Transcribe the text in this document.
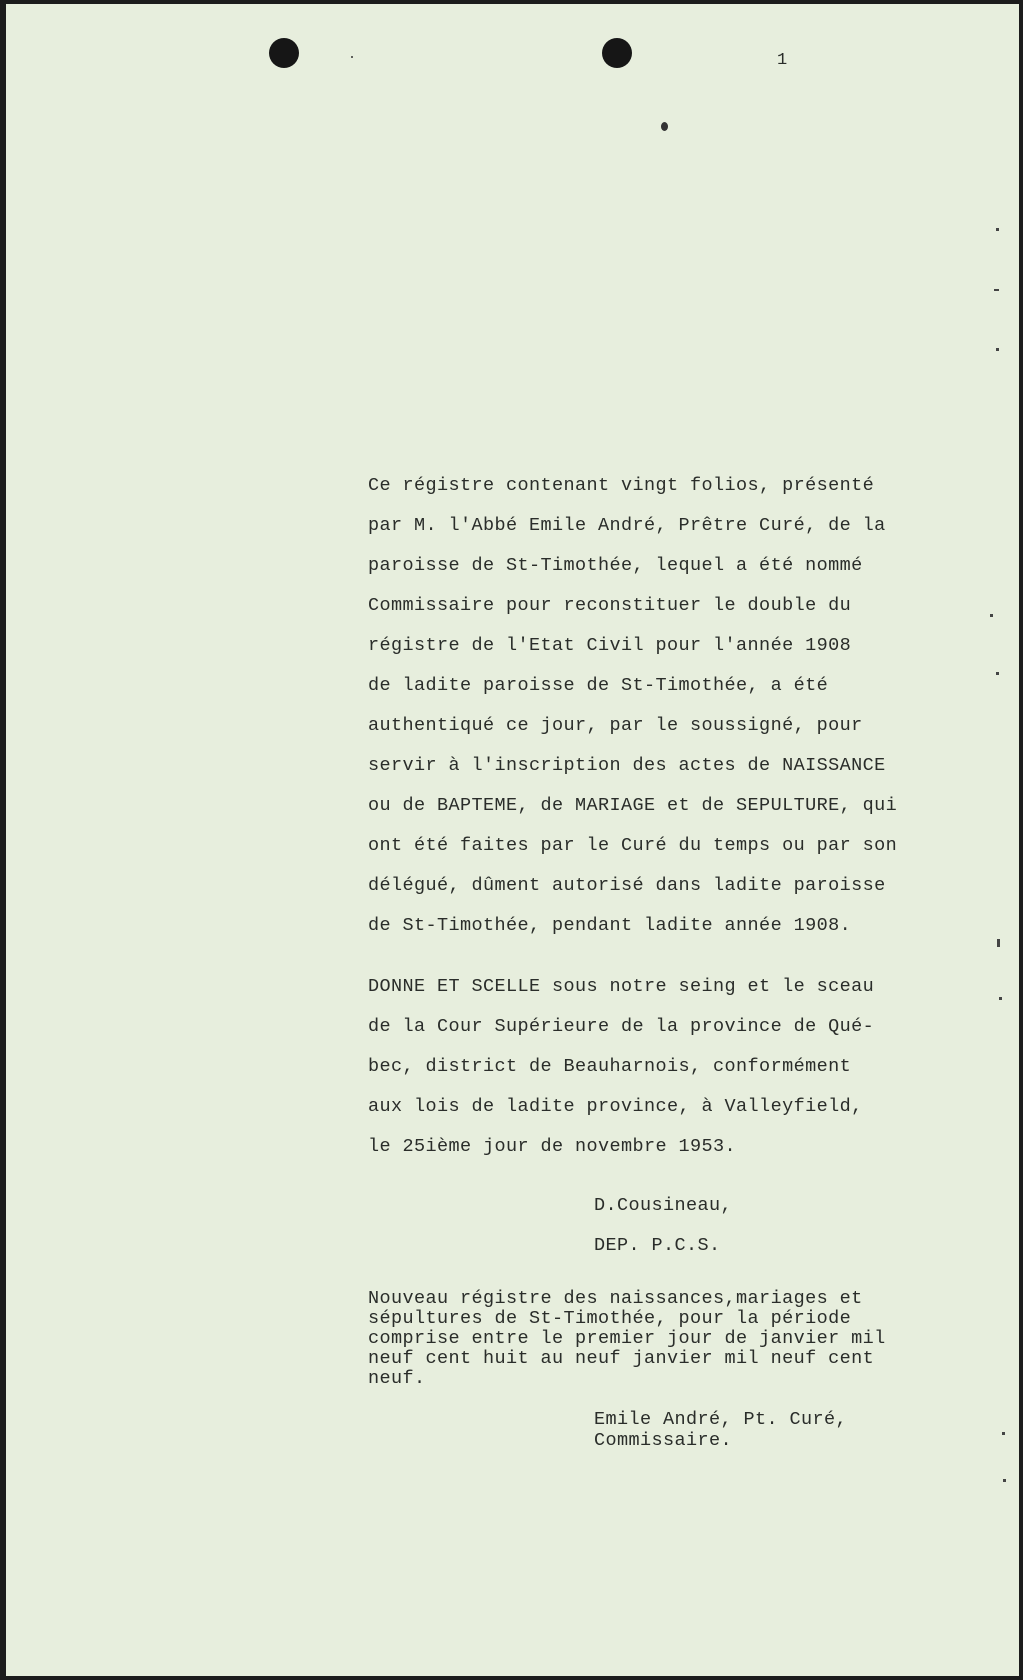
1
Ce régistre contenant vingt folios, présenté
par M. l'Abbé Emile André, Prêtre Curé, de la
paroisse de St-Timothée, lequel a été nommé
Commissaire pour reconstituer le double du
régistre de l'Etat Civil pour l'année 1908
de ladite paroisse de St-Timothée, a été
authentiqué ce jour, par le soussigné, pour
servir à l'inscription des actes de NAISSANCE
ou de BAPTEME, de MARIAGE et de SEPULTURE, qui
ont été faites par le Curé du temps ou par son
délégué, dûment autorisé dans ladite paroisse
de St-Timothée, pendant ladite année 1908.
DONNE ET SCELLE sous notre seing et le sceau
de la Cour Supérieure de la province de Qué-
bec, district de Beauharnois, conformément
aux lois de ladite province, à Valleyfield,
le 25ième jour de novembre 1953.
D.Cousineau,
DEP. P.C.S.
Nouveau régistre des naissances,mariages et
sépultures de St-Timothée, pour la période
comprise entre le premier jour de janvier mil
neuf cent huit au neuf janvier mil neuf cent
neuf.
Emile André, Pt. Curé,
Commissaire.
